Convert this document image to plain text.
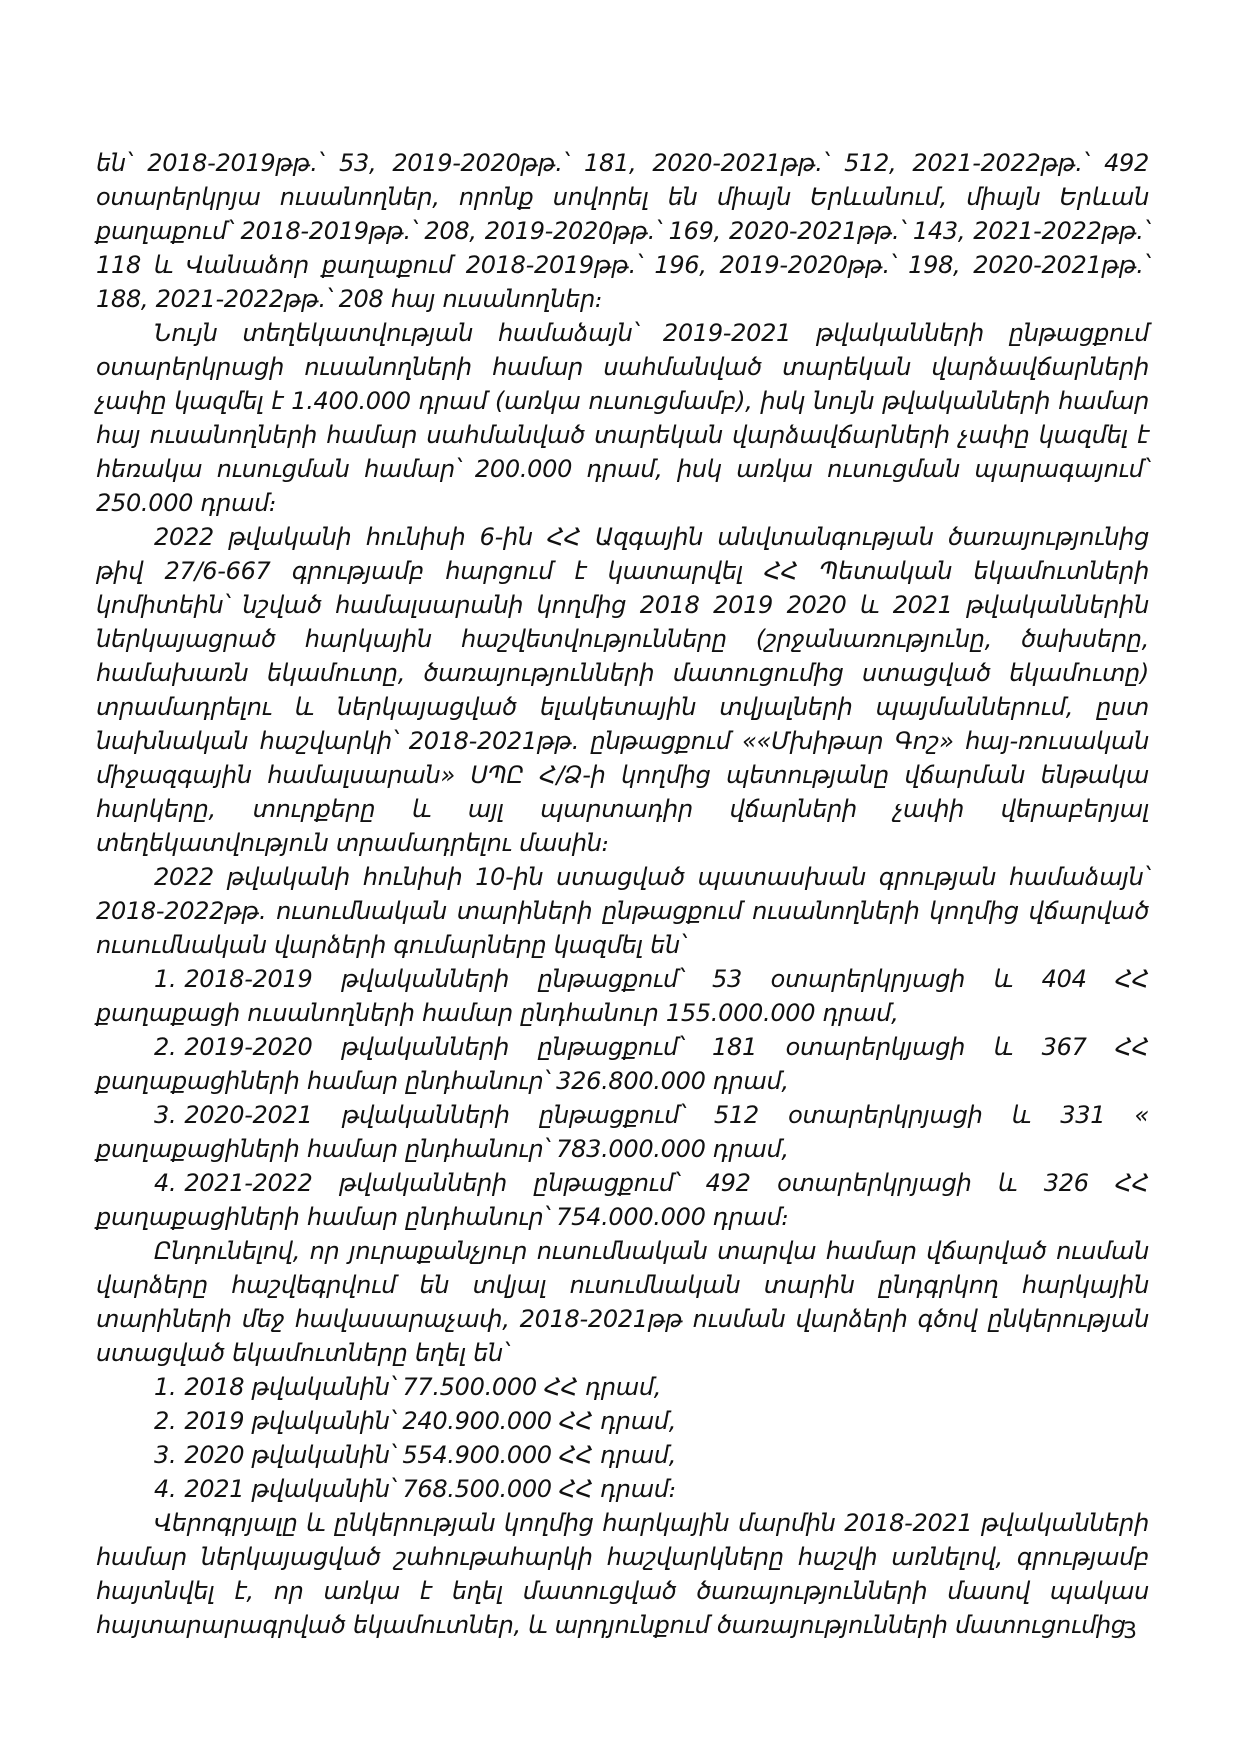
են՝ 2018-2019թթ.՝ 53, 2019-2020թթ.՝ 181, 2020-2021թթ.՝ 512, 2021-2022թթ.՝ 492 օտարերկրյա ուսանողներ, որոնք սովորել են միայն Երևանում, միայն Երևան քաղաքում՝ 2018-2019թթ.՝ 208, 2019-2020թթ.՝ 169, 2020-2021թթ.՝ 143, 2021-2022թթ.՝ 118 և Վանաձոր քաղաքում 2018-2019թթ.՝ 196, 2019-2020թթ.՝ 198, 2020-2021թթ.՝ 188, 2021-2022թթ.՝ 208 հայ ուսանողներ։

Նույն տեղեկատվության համաձայն՝ 2019-2021 թվականների ընթացքում օտարերկրացի ուսանողների համար սահմանված տարեկան վարձավճարների չափը կազմել է 1.400.000 դրամ (առկա ուսուցմամբ), իսկ նույն թվականների համար հայ ուսանողների համար սահմանված տարեկան վարձավճարների չափը կազմել է հեռակա ուսուցման համար՝ 200.000 դրամ, իսկ առկա ուսուցման պարագայում՝ 250.000 դրամ։

2022 թվականի հունիսի 6-ին ՀՀ Ազգային անվտանգության ծառայությունից թիվ 27/6-667 գրությամբ հարցում է կատարվել ՀՀ Պետական եկամուտների կոմիտեին՝ նշված համալսարանի կողմից 2018 2019 2020 և 2021 թվականներին ներկայացրած հարկային հաշվետվությունները (շրջանառությունը, ծախսերը, համախառն եկամուտը, ծառայությունների մատուցումից ստացված եկամուտը) տրամադրելու և ներկայացված ելակետային տվյալների պայմաններում, ըստ նախնական հաշվարկի՝ 2018-2021թթ. ընթացքում ««Մխիթար Գոշ» հայ-ռուսական միջազգային համալսարան» ՍՊԸ Հ/Ձ-ի կողմից պետությանը վճարման ենթակա հարկերը, տուրքերը և այլ պարտադիր վճարների չափի վերաբերյալ տեղեկատվություն տրամադրելու մասին։

2022 թվականի հունիսի 10-ին ստացված պատասխան գրության համաձայն՝ 2018-2022թթ. ուսումնական տարիների ընթացքում ուսանողների կողմից վճարված ուսումնական վարձերի գումարները կազմել են՝

1. 2018-2019 թվականների ընթացքում՝ 53 օտարերկրյացի և 404 ՀՀ քաղաքացի ուսանողների համար ընդհանուր 155.000.000 դրամ,

2. 2019-2020 թվականների ընթացքում՝ 181 օտարերկյացի և 367 ՀՀ քաղաքացիների համար ընդհանուր՝ 326.800.000 դրամ,

3. 2020-2021 թվականների ընթացքում՝ 512 օտարերկրյացի և 331 « քաղաքացիների համար ընդհանուր՝ 783.000.000 դրամ,

4. 2021-2022 թվականների ընթացքում՝ 492 օտարերկրյացի և 326 ՀՀ քաղաքացիների համար ընդհանուր՝ 754.000.000 դրամ։

Ընդունելով, որ յուրաքանչյուր ուսումնական տարվա համար վճարված ուսման վարձերը հաշվեգրվում են տվյալ ուսումնական տարին ընդգրկող հարկային տարիների մեջ հավասարաչափ, 2018-2021թթ ուսման վարձերի գծով ընկերության ստացված եկամուտները եղել են՝

1. 2018 թվականին՝ 77.500.000 ՀՀ դրամ,

2. 2019 թվականին՝ 240.900.000 ՀՀ դրամ,

3. 2020 թվականին՝ 554.900.000 ՀՀ դրամ,

4. 2021 թվականին՝ 768.500.000 ՀՀ դրամ։

Վերոգրյալը և ընկերության կողմից հարկային մարմին 2018-2021 թվականների համար ներկայացված շահութահարկի հաշվարկները հաշվի առնելով, գրությամբ հայտնվել է, որ առկա է եղել մատուցված ծառայությունների մասով պակաս հայտարարագրված եկամուտներ, և արդյունքում ծառայությունների մատուցումից

3
